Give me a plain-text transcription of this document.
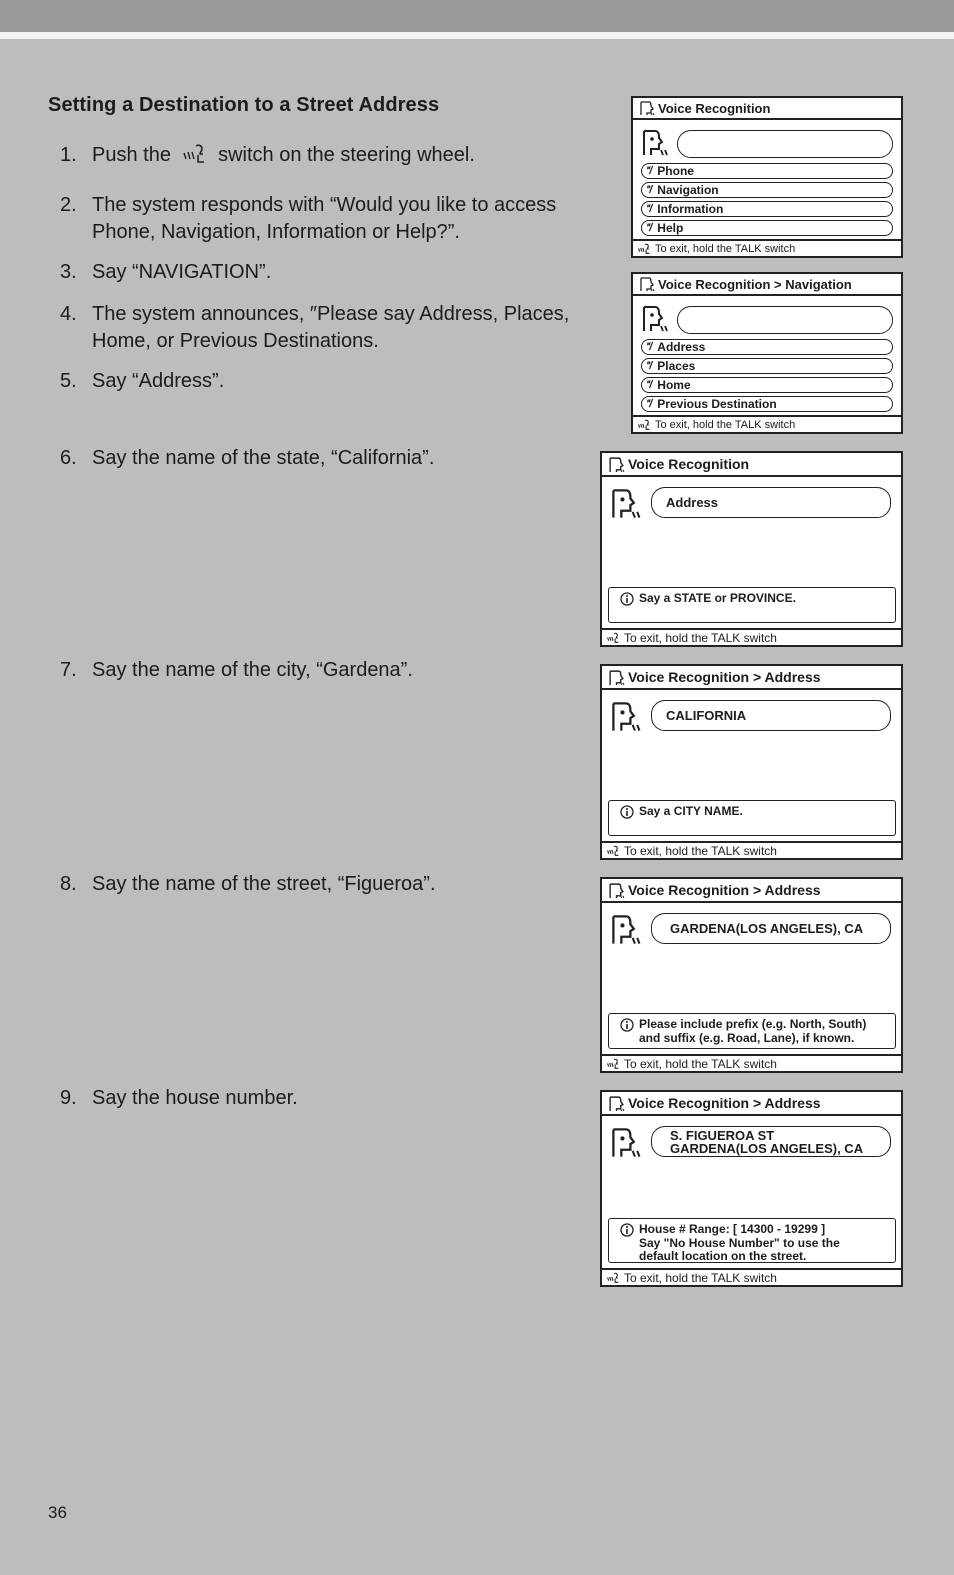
Setting a Destination to a Street Address
1. Push the switch on the steering wheel.
2. The system responds with “Would you like to access
Phone, Navigation, Information or Help?”.
3. Say “NAVIGATION”.
4. The system announces, ″Please say Address, Places,
Home, or Previous Destinations.
5. Say “Address”.
6. Say the name of the state, “California”.
7. Say the name of the city, “Gardena”.
8. Say the name of the street, “Figueroa”.
9. Say the house number.
Voice Recognition
''/ Phone
''/ Navigation
''/ Information
''/ Help
To exit, hold the TALK switch
Voice Recognition > Navigation
''/ Address
''/ Places
''/ Home
''/ Previous Destination
To exit, hold the TALK switch
Voice Recognition
Address
Say a STATE or PROVINCE.
To exit, hold the TALK switch
Voice Recognition > Address
CALIFORNIA
Say a CITY NAME.
To exit, hold the TALK switch
Voice Recognition > Address
GARDENA(LOS ANGELES), CA
Please include prefix (e.g. North, South)
and suffix (e.g. Road, Lane), if known.
To exit, hold the TALK switch
Voice Recognition > Address
S. FIGUEROA ST
GARDENA(LOS ANGELES), CA
House # Range: [ 14300 - 19299 ]
Say "No House Number" to use the
default location on the street.
To exit, hold the TALK switch
36
